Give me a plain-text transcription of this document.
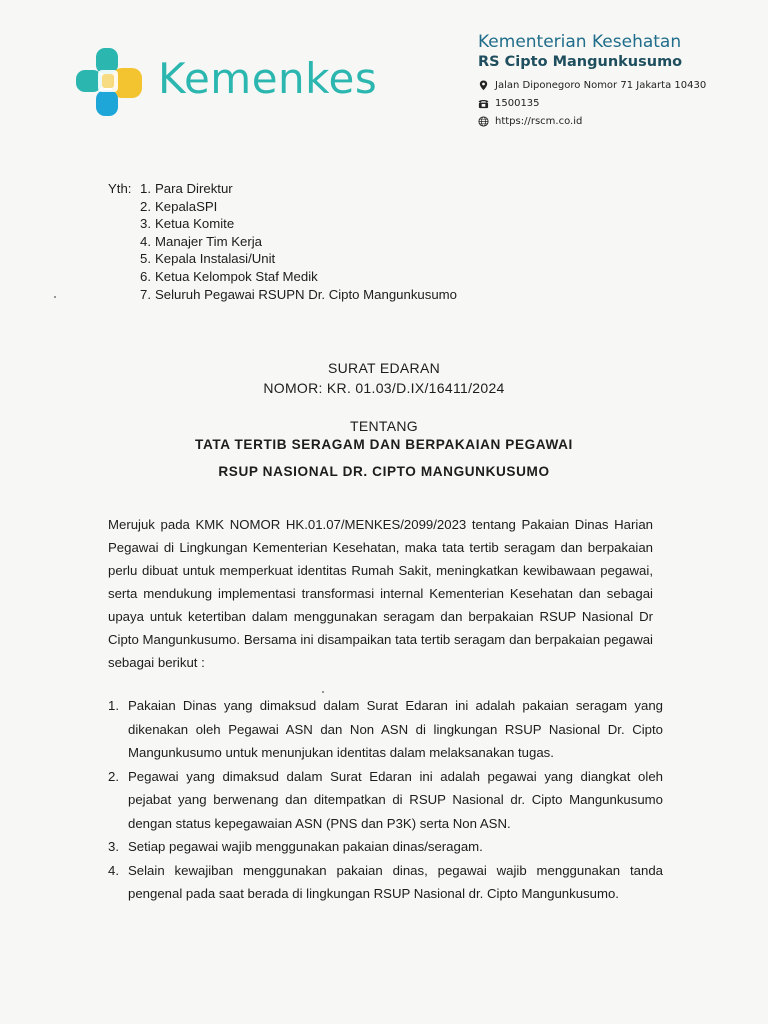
Kemenkes
Kementerian Kesehatan
RS Cipto Mangunkusumo
Jalan Diponegoro Nomor 71 Jakarta 10430
1500135
https://rscm.co.id
Yth: 1. Para Direktur
2. KepalaSPI
3. Ketua Komite
4. Manajer Tim Kerja
5. Kepala Instalasi/Unit
6. Ketua Kelompok Staf Medik
7. Seluruh Pegawai RSUPN Dr. Cipto Mangunkusumo
SURAT EDARAN
NOMOR: KR. 01.03/D.IX/16411/2024
TENTANG
TATA TERTIB SERAGAM DAN BERPAKAIAN PEGAWAI
RSUP NASIONAL DR. CIPTO MANGUNKUSUMO
Merujuk pada KMK NOMOR HK.01.07/MENKES/2099/2023 tentang Pakaian Dinas Harian Pegawai di Lingkungan Kementerian Kesehatan, maka tata tertib seragam dan berpakaian perlu dibuat untuk memperkuat identitas Rumah Sakit, meningkatkan kewibawaan pegawai, serta mendukung implementasi transformasi internal Kementerian Kesehatan dan sebagai upaya untuk ketertiban dalam menggunakan seragam dan berpakaian RSUP Nasional Dr Cipto Mangunkusumo. Bersama ini disampaikan tata tertib seragam dan berpakaian pegawai sebagai berikut :
1. Pakaian Dinas yang dimaksud dalam Surat Edaran ini adalah pakaian seragam yang dikenakan oleh Pegawai ASN dan Non ASN di lingkungan RSUP Nasional Dr. Cipto Mangunkusumo untuk menunjukan identitas dalam melaksanakan tugas.
2. Pegawai yang dimaksud dalam Surat Edaran ini adalah pegawai yang diangkat oleh pejabat yang berwenang dan ditempatkan di RSUP Nasional dr. Cipto Mangunkusumo dengan status kepegawaian ASN (PNS dan P3K) serta Non ASN.
3. Setiap pegawai wajib menggunakan pakaian dinas/seragam.
4. Selain kewajiban menggunakan pakaian dinas, pegawai wajib menggunakan tanda pengenal pada saat berada di lingkungan RSUP Nasional dr. Cipto Mangunkusumo.
